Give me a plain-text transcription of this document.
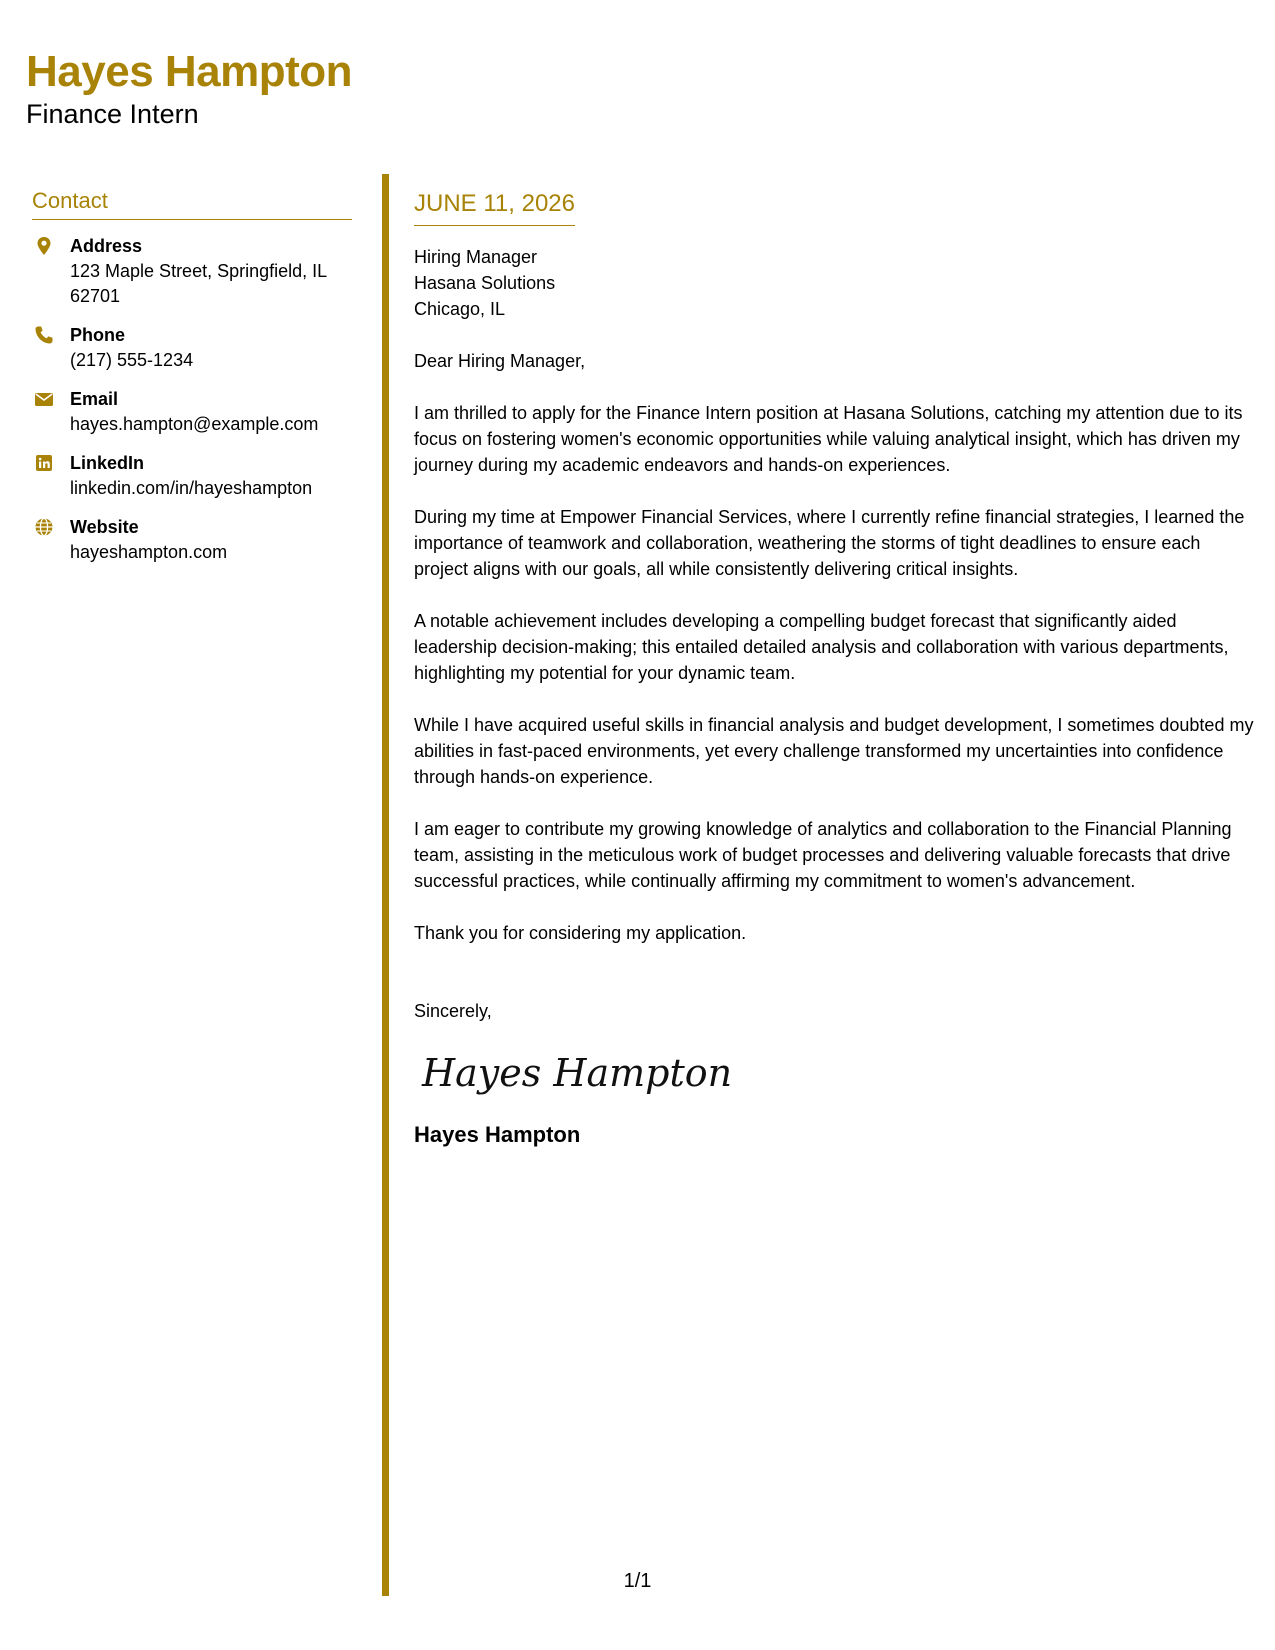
Hayes Hampton
Finance Intern
Contact
Address
123 Maple Street, Springfield, IL 62701
Phone
(217) 555-1234
Email
hayes.hampton@example.com
LinkedIn
linkedin.com/in/hayeshampton
Website
hayeshampton.com
JUNE 11, 2026
Hiring Manager
Hasana Solutions
Chicago, IL

Dear Hiring Manager,

I am thrilled to apply for the Finance Intern position at Hasana Solutions, catching my attention due to its focus on fostering women's economic opportunities while valuing analytical insight, which has driven my journey during my academic endeavors and hands-on experiences.

During my time at Empower Financial Services, where I currently refine financial strategies, I learned the importance of teamwork and collaboration, weathering the storms of tight deadlines to ensure each project aligns with our goals, all while consistently delivering critical insights.

A notable achievement includes developing a compelling budget forecast that significantly aided leadership decision-making; this entailed detailed analysis and collaboration with various departments, highlighting my potential for your dynamic team.

While I have acquired useful skills in financial analysis and budget development, I sometimes doubted my abilities in fast-paced environments, yet every challenge transformed my uncertainties into confidence through hands-on experience.

I am eager to contribute my growing knowledge of analytics and collaboration to the Financial Planning team, assisting in the meticulous work of budget processes and delivering valuable forecasts that drive successful practices, while continually affirming my commitment to women's advancement.

Thank you for considering my application.

Sincerely,

Hayes Hampton

Hayes Hampton

1/1
